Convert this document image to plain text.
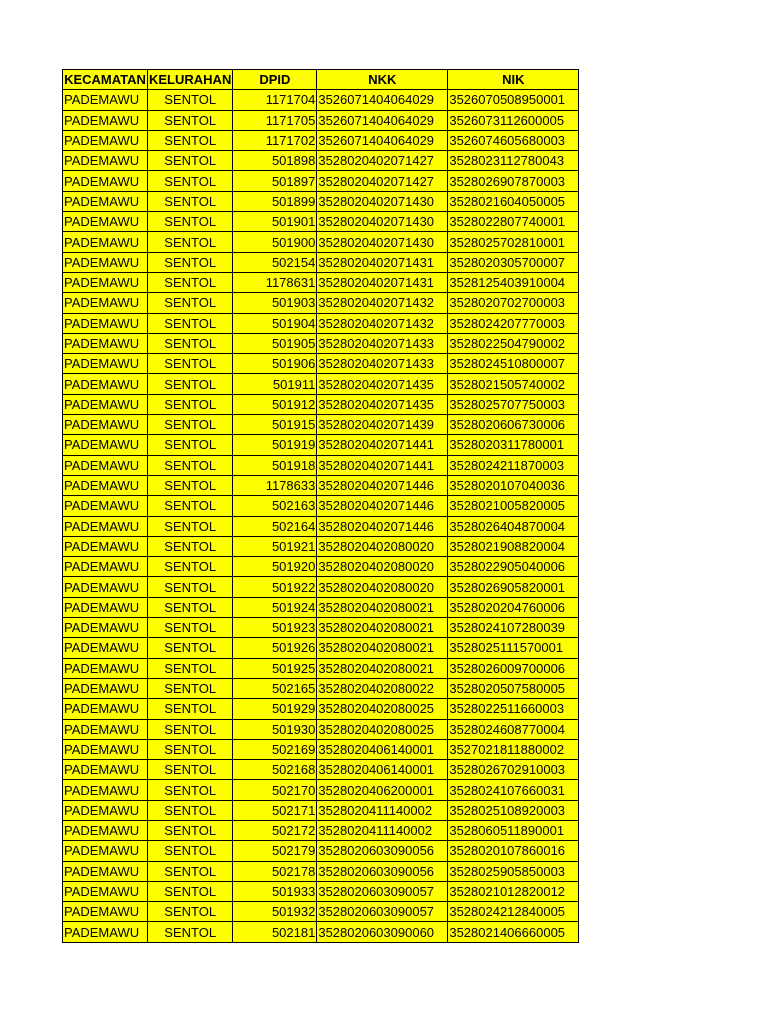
KECAMATAN	KELURAHAN	DPID	NKK	NIK
PADEMAWU	SENTOL	1171704	3526071404064029	3526070508950001
PADEMAWU	SENTOL	1171705	3526071404064029	3526073112600005
PADEMAWU	SENTOL	1171702	3526071404064029	3526074605680003
PADEMAWU	SENTOL	501898	3528020402071427	3528023112780043
PADEMAWU	SENTOL	501897	3528020402071427	3528026907870003
PADEMAWU	SENTOL	501899	3528020402071430	3528021604050005
PADEMAWU	SENTOL	501901	3528020402071430	3528022807740001
PADEMAWU	SENTOL	501900	3528020402071430	3528025702810001
PADEMAWU	SENTOL	502154	3528020402071431	3528020305700007
PADEMAWU	SENTOL	1178631	3528020402071431	3528125403910004
PADEMAWU	SENTOL	501903	3528020402071432	3528020702700003
PADEMAWU	SENTOL	501904	3528020402071432	3528024207770003
PADEMAWU	SENTOL	501905	3528020402071433	3528022504790002
PADEMAWU	SENTOL	501906	3528020402071433	3528024510800007
PADEMAWU	SENTOL	501911	3528020402071435	3528021505740002
PADEMAWU	SENTOL	501912	3528020402071435	3528025707750003
PADEMAWU	SENTOL	501915	3528020402071439	3528020606730006
PADEMAWU	SENTOL	501919	3528020402071441	3528020311780001
PADEMAWU	SENTOL	501918	3528020402071441	3528024211870003
PADEMAWU	SENTOL	1178633	3528020402071446	3528020107040036
PADEMAWU	SENTOL	502163	3528020402071446	3528021005820005
PADEMAWU	SENTOL	502164	3528020402071446	3528026404870004
PADEMAWU	SENTOL	501921	3528020402080020	3528021908820004
PADEMAWU	SENTOL	501920	3528020402080020	3528022905040006
PADEMAWU	SENTOL	501922	3528020402080020	3528026905820001
PADEMAWU	SENTOL	501924	3528020402080021	3528020204760006
PADEMAWU	SENTOL	501923	3528020402080021	3528024107280039
PADEMAWU	SENTOL	501926	3528020402080021	3528025111570001
PADEMAWU	SENTOL	501925	3528020402080021	3528026009700006
PADEMAWU	SENTOL	502165	3528020402080022	3528020507580005
PADEMAWU	SENTOL	501929	3528020402080025	3528022511660003
PADEMAWU	SENTOL	501930	3528020402080025	3528024608770004
PADEMAWU	SENTOL	502169	3528020406140001	3527021811880002
PADEMAWU	SENTOL	502168	3528020406140001	3528026702910003
PADEMAWU	SENTOL	502170	3528020406200001	3528024107660031
PADEMAWU	SENTOL	502171	3528020411140002	3528025108920003
PADEMAWU	SENTOL	502172	3528020411140002	3528060511890001
PADEMAWU	SENTOL	502179	3528020603090056	3528020107860016
PADEMAWU	SENTOL	502178	3528020603090056	3528025905850003
PADEMAWU	SENTOL	501933	3528020603090057	3528021012820012
PADEMAWU	SENTOL	501932	3528020603090057	3528024212840005
PADEMAWU	SENTOL	502181	3528020603090060	3528021406660005
